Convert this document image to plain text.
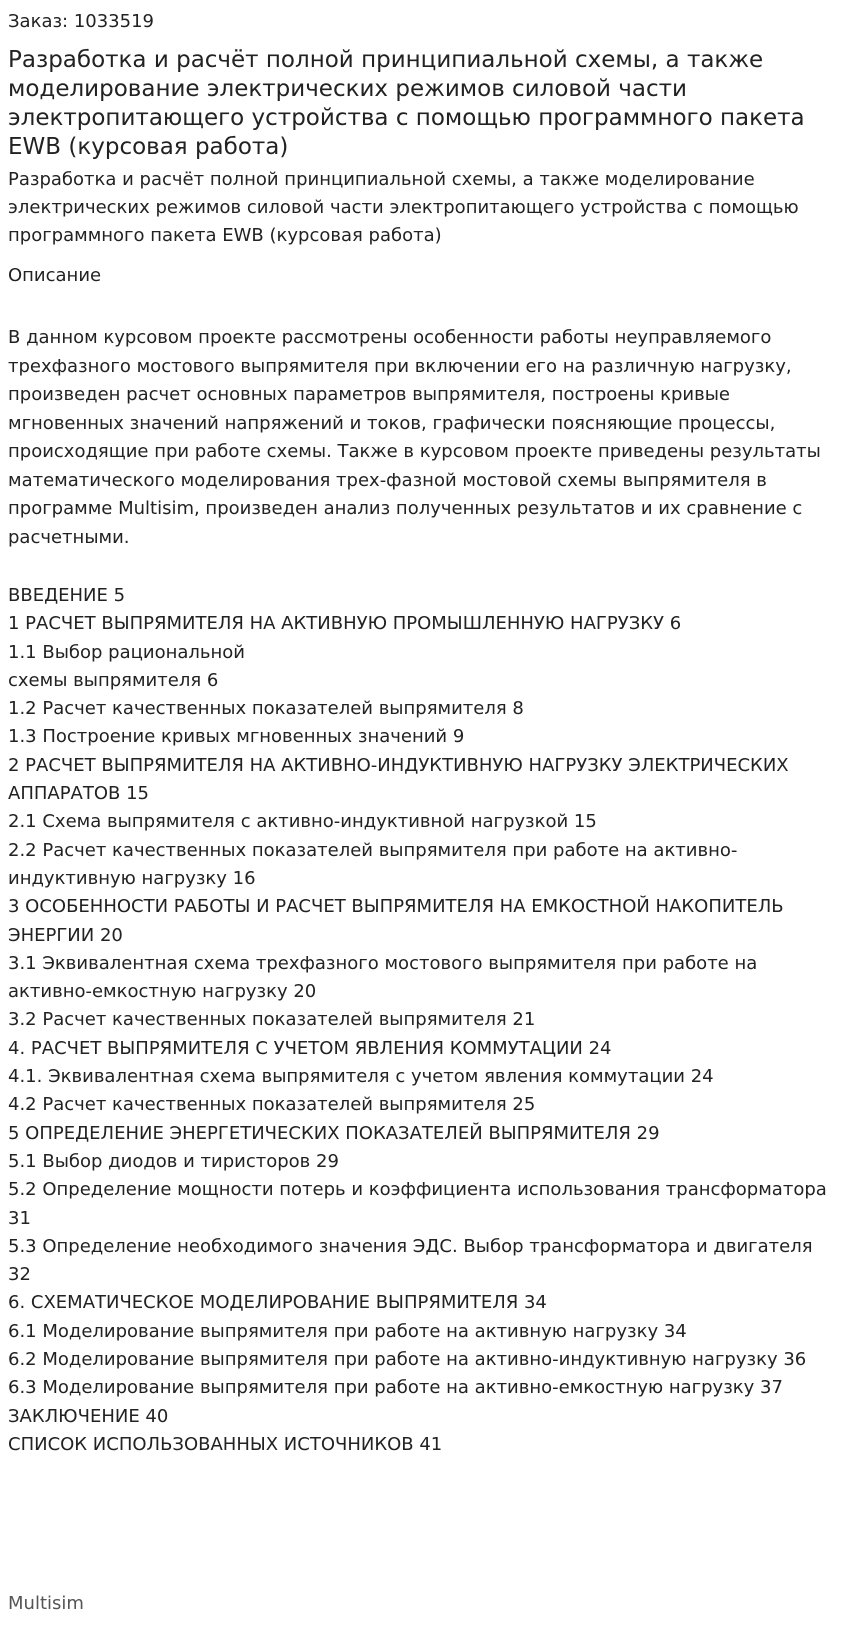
Заказ: 1033519
Разработка и расчёт полной принципиальной схемы, а также моделирование электрических режимов силовой части электропитающего устройства с помощью программного пакета EWB (курсовая работа)
Разработка и расчёт полной принципиальной схемы, а также моделирование электрических режимов силовой части электропитающего устройства с помощью программного пакета EWB (курсовая работа)
Описание
В данном курсовом проекте рассмотрены особенности работы неуправляемого трехфазного мостового выпрямителя при включении его на различную нагрузку, произведен расчет основных параметров выпрямителя, построены кривые мгновенных значений напряжений и токов, графически поясняющие процессы, происходящие при работе схемы. Также в курсовом проекте приведены результаты математического моделирования трех-фазной мостовой схемы выпрямителя в программе Multisim, произведен анализ полученных результатов и их сравнение с расчетными.
ВВЕДЕНИЕ 5
1 РАСЧЕТ ВЫПРЯМИТЕЛЯ НА АКТИВНУЮ ПРОМЫШЛЕННУЮ НАГРУЗКУ 6
1.1 Выбор рациональной
схемы выпрямителя 6
1.2 Расчет качественных показателей выпрямителя 8
1.3 Построение кривых мгновенных значений 9
2 РАСЧЕТ ВЫПРЯМИТЕЛЯ НА АКТИВНО-ИНДУКТИВНУЮ НАГРУЗКУ ЭЛЕКТРИЧЕСКИХ АППАРАТОВ 15
2.1 Схема выпрямителя с активно-индуктивной нагрузкой 15
2.2 Расчет качественных показателей выпрямителя при работе на активно-индуктивную нагрузку 16
3 ОСОБЕННОСТИ РАБОТЫ И РАСЧЕТ ВЫПРЯМИТЕЛЯ НА ЕМКОСТНОЙ НАКОПИТЕЛЬ ЭНЕРГИИ 20
3.1 Эквивалентная схема трехфазного мостового выпрямителя при работе на активно-емкостную нагрузку 20
3.2 Расчет качественных показателей выпрямителя 21
4. РАСЧЕТ ВЫПРЯМИТЕЛЯ С УЧЕТОМ ЯВЛЕНИЯ КОММУТАЦИИ 24
4.1. Эквивалентная схема выпрямителя с учетом явления коммутации 24
4.2 Расчет качественных показателей выпрямителя 25
5 ОПРЕДЕЛЕНИЕ ЭНЕРГЕТИЧЕСКИХ ПОКАЗАТЕЛЕЙ ВЫПРЯМИТЕЛЯ 29
5.1 Выбор диодов и тиристоров 29
5.2 Определение мощности потерь и коэффициента использования трансформатора 31
5.3 Определение необходимого значения ЭДС. Выбор трансформатора и двигателя 32
6. СХЕМАТИЧЕСКОЕ МОДЕЛИРОВАНИЕ ВЫПРЯМИТЕЛЯ 34
6.1 Моделирование выпрямителя при работе на активную нагрузку 34
6.2 Моделирование выпрямителя при работе на активно-индуктивную нагрузку 36
6.3 Моделирование выпрямителя при работе на активно-емкостную нагрузку 37
ЗАКЛЮЧЕНИЕ 40
СПИСОК ИСПОЛЬЗОВАННЫХ ИСТОЧНИКОВ 41
Multisim
